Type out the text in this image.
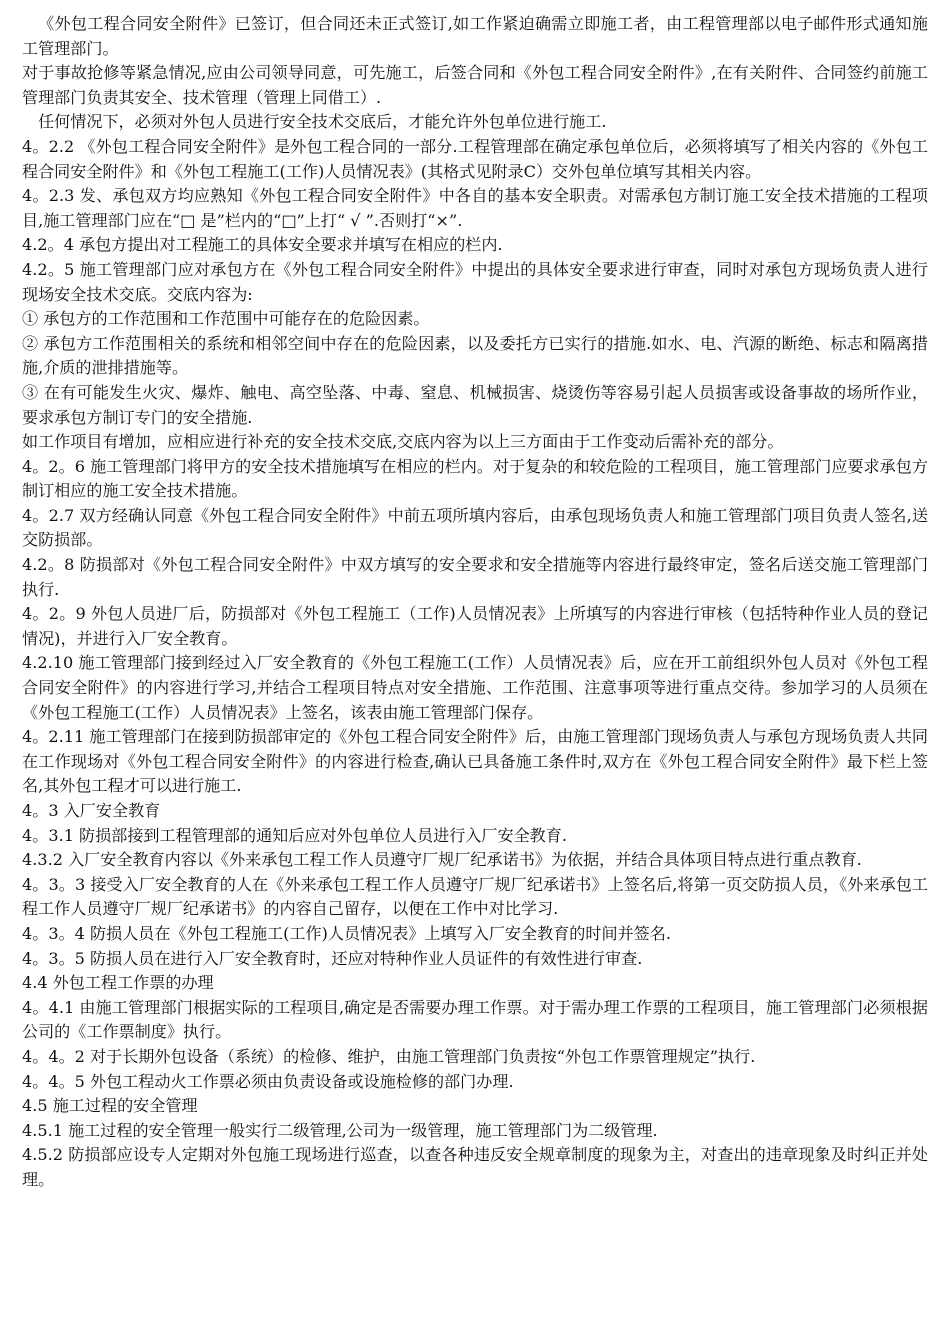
《外包工程合同安全附件》已签订，但合同还未正式签订,如工作紧迫确需立即施工者，由工程管理部以电子邮件形式通知施工管理部门。

对于事故抢修等紧急情况,应由公司领导同意，可先施工，后签合同和《外包工程合同安全附件》,在有关附件、合同签约前施工管理部门负责其安全、技术管理（管理上同借工）.

任何情况下，必须对外包人员进行安全技术交底后，才能允许外包单位进行施工.

4。2.2 《外包工程合同安全附件》是外包工程合同的一部分.工程管理部在确定承包单位后，必须将填写了相关内容的《外包工程合同安全附件》和《外包工程施工(工作)人员情况表》(其格式见附录C）交外包单位填写其相关内容。

4。2.3 发、承包双方均应熟知《外包工程合同安全附件》中各自的基本安全职责。对需承包方制订施工安全技术措施的工程项目,施工管理部门应在“□ 是”栏内的“□”上打“ √ ”.否则打“×”.

4.2。4 承包方提出对工程施工的具体安全要求并填写在相应的栏内.

4.2。5 施工管理部门应对承包方在《外包工程合同安全附件》中提出的具体安全要求进行审查，同时对承包方现场负责人进行现场安全技术交底。交底内容为:

① 承包方的工作范围和工作范围中可能存在的危险因素。

② 承包方工作范围相关的系统和相邻空间中存在的危险因素，以及委托方已实行的措施.如水、电、汽源的断绝、标志和隔离措施,介质的泄排措施等。

③ 在有可能发生火灾、爆炸、触电、高空坠落、中毒、窒息、机械损害、烧烫伤等容易引起人员损害或设备事故的场所作业，要求承包方制订专门的安全措施.

如工作项目有增加，应相应进行补充的安全技术交底,交底内容为以上三方面由于工作变动后需补充的部分。

4。2。6 施工管理部门将甲方的安全技术措施填写在相应的栏内。对于复杂的和较危险的工程项目，施工管理部门应要求承包方制订相应的施工安全技术措施。

4。2.7 双方经确认同意《外包工程合同安全附件》中前五项所填内容后，由承包现场负责人和施工管理部门项目负责人签名,送交防损部。

4.2。8 防损部对《外包工程合同安全附件》中双方填写的安全要求和安全措施等内容进行最终审定，签名后送交施工管理部门执行.

4。2。9 外包人员进厂后，防损部对《外包工程施工（工作)人员情况表》上所填写的内容进行审核（包括特种作业人员的登记情况)，并进行入厂安全教育。

4.2.10 施工管理部门接到经过入厂安全教育的《外包工程施工(工作）人员情况表》后，应在开工前组织外包人员对《外包工程合同安全附件》的内容进行学习,并结合工程项目特点对安全措施、工作范围、注意事项等进行重点交待。参加学习的人员须在《外包工程施工(工作）人员情况表》上签名，该表由施工管理部门保存。

4。2.11 施工管理部门在接到防损部审定的《外包工程合同安全附件》后，由施工管理部门现场负责人与承包方现场负责人共同在工作现场对《外包工程合同安全附件》的内容进行检查,确认已具备施工条件时,双方在《外包工程合同安全附件》最下栏上签名,其外包工程才可以进行施工.

4。3 入厂安全教育

4。3.1 防损部接到工程管理部的通知后应对外包单位人员进行入厂安全教育.

4.3.2 入厂安全教育内容以《外来承包工程工作人员遵守厂规厂纪承诺书》为依据，并结合具体项目特点进行重点教育.

4。3。3 接受入厂安全教育的人在《外来承包工程工作人员遵守厂规厂纪承诺书》上签名后,将第一页交防损人员，《外来承包工程工作人员遵守厂规厂纪承诺书》的内容自己留存，以便在工作中对比学习.

4。3。4 防损人员在《外包工程施工(工作)人员情况表》上填写入厂安全教育的时间并签名.

4。3。5 防损人员在进行入厂安全教育时，还应对特种作业人员证件的有效性进行审查.

4.4 外包工程工作票的办理

4。4.1 由施工管理部门根据实际的工程项目,确定是否需要办理工作票。对于需办理工作票的工程项目，施工管理部门必须根据公司的《工作票制度》执行。

4。4。2 对于长期外包设备（系统）的检修、维护，由施工管理部门负责按“外包工作票管理规定”执行.

4。4。5 外包工程动火工作票必须由负责设备或设施检修的部门办理.

4.5 施工过程的安全管理

4.5.1 施工过程的安全管理一般实行二级管理,公司为一级管理，施工管理部门为二级管理.

4.5.2 防损部应设专人定期对外包施工现场进行巡查，以查各种违反安全规章制度的现象为主，对查出的违章现象及时纠正并处理。
